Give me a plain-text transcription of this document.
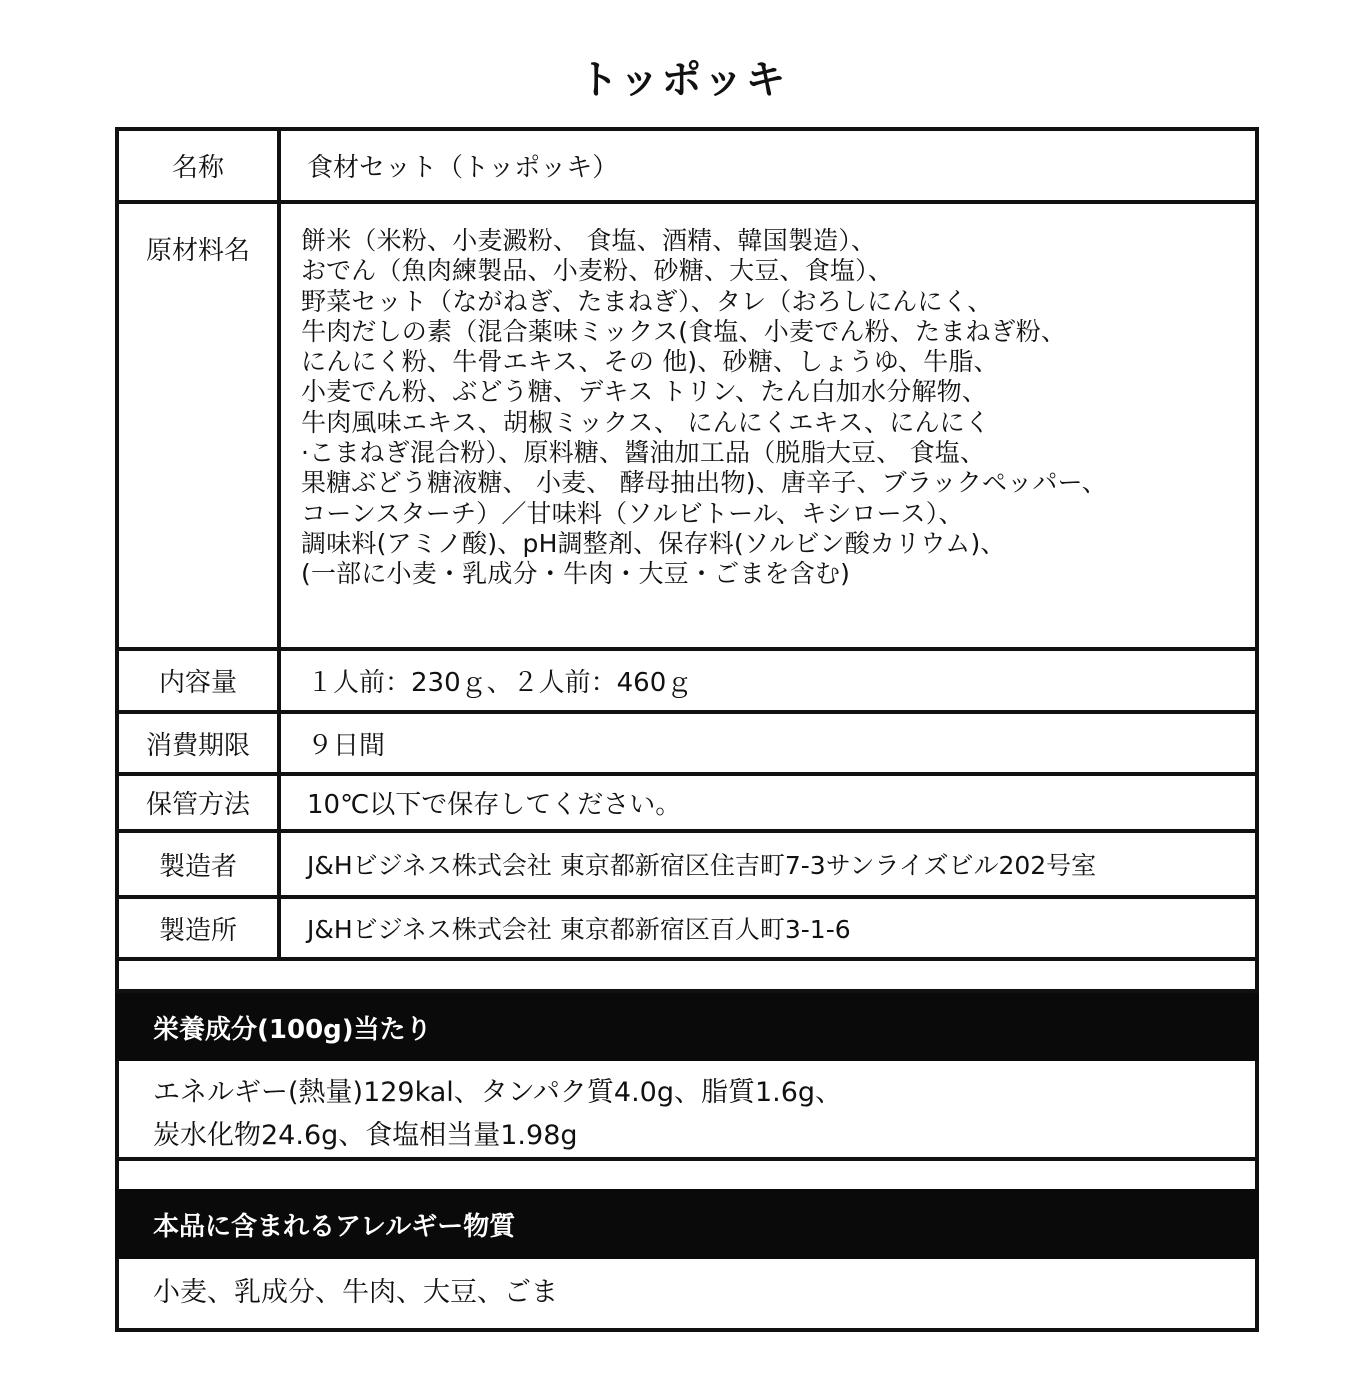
トッポッキ
名称	食材セット（トッポッキ）
原材料名	餅米（米粉、小麦澱粉、 食塩、酒精、韓国製造）、
おでん（魚肉練製品、小麦粉、砂糖、大豆、食塩）、
野菜セット（ながねぎ、たまねぎ）、タレ（おろしにんにく、
牛肉だしの素（混合薬味ミックス(食塩、小麦でん粉、たまねぎ粉、
にんにく粉、牛骨エキス、その 他)、砂糖、しょうゆ、牛脂、
小麦でん粉、ぶどう糖、デキス トリン、たん白加水分解物、
牛肉風味エキス、胡椒ミックス、 にんにくエキス、にんにく
·こまねぎ混合粉）、原料糖、醬油加工品（脱脂大豆、 食塩、
果糖ぶどう糖液糖、 小麦、 酵母抽出物)、唐辛子、ブラックペッパー、
コーンスターチ）／甘味料（ソルビトール、キシロース）、
調味料(アミノ酸)、pH調整剤、保存料(ソルビン酸カリウム)、
(一部に小麦・乳成分・牛肉・大豆・ごまを含む)
内容量	１人前：230ｇ、２人前：460ｇ
消費期限	９日間
保管方法	10℃以下で保存してください。
製造者	J&Hビジネス株式会社 東京都新宿区住吉町7-3サンライズビル202号室
製造所	J&Hビジネス株式会社 東京都新宿区百人町3-1-6
栄養成分(100g)当たり
エネルギー(熱量)129kal、タンパク質4.0g、脂質1.6g、
炭水化物24.6g、食塩相当量1.98g
本品に含まれるアレルギー物質
小麦、乳成分、牛肉、大豆、ごま
